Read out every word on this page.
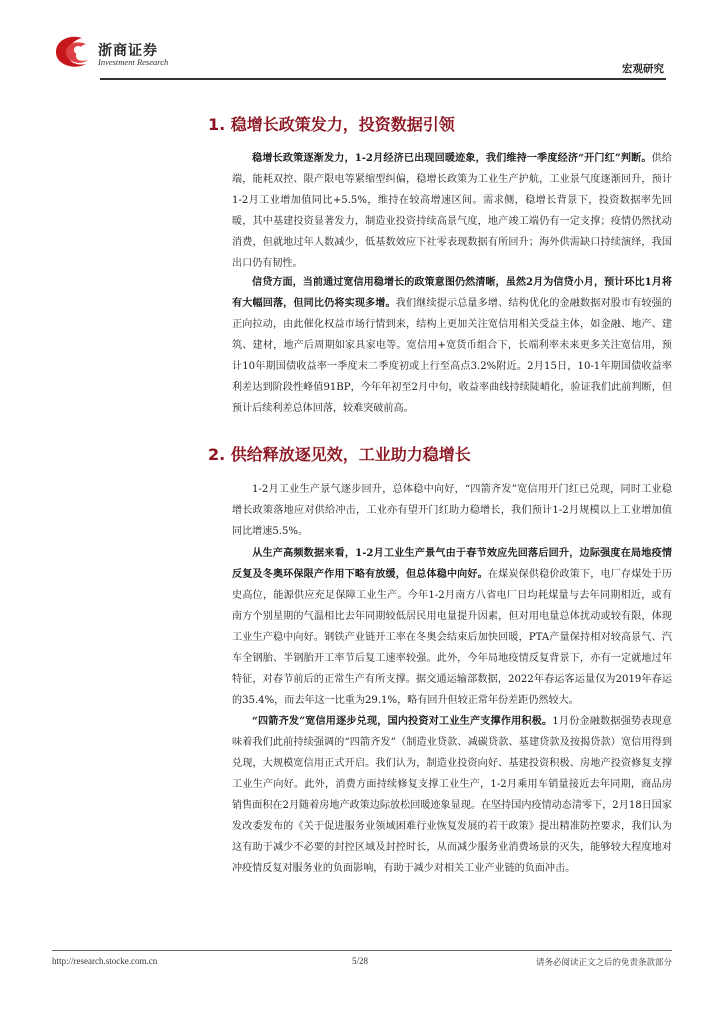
浙商证券
Investment Research
宏观研究
1. 稳增长政策发力，投资数据引领

稳增长政策逐渐发力，1-2月经济已出现回暖迹象，我们维持一季度经济“开门红”判断。供给端，能耗双控、限产限电等紧缩型纠偏，稳增长政策为工业生产护航，工业景气度逐渐回升，预计1-2月工业增加值同比+5.5%，维持在较高增速区间。需求侧，稳增长背景下，投资数据率先回暖，其中基建投资显著发力，制造业投资持续高景气度，地产竣工端仍有一定支撑；疫情仍然扰动消费，但就地过年人数减少，低基数效应下社零表现数据有所回升；海外供需缺口持续演绎，我国出口仍有韧性。

信贷方面，当前通过宽信用稳增长的政策意图仍然清晰，虽然2月为信贷小月，预计环比1月将有大幅回落，但同比仍将实现多增。我们继续提示总量多增、结构优化的金融数据对股市有较强的正向拉动，由此催化权益市场行情到来，结构上更加关注宽信用相关受益主体，如金融、地产、建筑、建材，地产后周期如家具家电等。宽信用+宽货币组合下，长端利率未来更多关注宽信用，预计10年期国债收益率一季度末二季度初或上行至高点3.2%附近。2月15日，10-1年期国债收益率利差达到阶段性峰值91BP，今年年初至2月中旬，收益率曲线持续陡峭化，验证我们此前判断，但预计后续利差总体回落，较难突破前高。

2. 供给释放逐见效，工业助力稳增长

1-2月工业生产景气逐步回升，总体稳中向好，“四箭齐发”宽信用开门红已兑现，同时工业稳增长政策落地应对供给冲击，工业亦有望开门红助力稳增长，我们预计1-2月规模以上工业增加值同比增速5.5%。

从生产高频数据来看，1-2月工业生产景气由于春节效应先回落后回升，边际强度在局地疫情反复及冬奥环保限产作用下略有放缓，但总体稳中向好。在煤炭保供稳价政策下，电厂存煤处于历史高位，能源供应充足保障工业生产。今年1-2月南方八省电厂日均耗煤量与去年同期相近，或有南方个别星期的气温相比去年同期较低居民用电量提升因素，但对用电量总体扰动或较有限，体现工业生产稳中向好。钢铁产业链开工率在冬奥会结束后加快回暖，PTA产量保持相对较高景气、汽车全钢胎、半钢胎开工率节后复工速率较强。此外，今年局地疫情反复背景下，亦有一定就地过年特征，对春节前后的正常生产有所支撑。据交通运输部数据，2022年春运客运量仅为2019年春运的35.4%，而去年这一比重为29.1%，略有回升但较正常年份差距仍然较大。

“四箭齐发”宽信用逐步兑现，国内投资对工业生产支撑作用积极。1月份金融数据强势表现意味着我们此前持续强调的“四箭齐发”（制造业贷款、减碳贷款、基建贷款及按揭贷款）宽信用得到兑现，大规模宽信用正式开启。我们认为，制造业投资向好、基建投资积极、房地产投资修复支撑工业生产向好。此外，消费方面持续修复支撑工业生产，1-2月乘用车销量接近去年同期，商品房销售面积在2月随着房地产政策边际放松回暖迹象显现。在坚持国内疫情动态清零下，2月18日国家发改委发布的《关于促进服务业领域困难行业恢复发展的若干政策》提出精准防控要求，我们认为这有助于减少不必要的封控区域及封控时长，从而减少服务业消费场景的灭失，能够较大程度地对冲疫情反复对服务业的负面影响，有助于减少对相关工业产业链的负面冲击。

http://research.stocke.com.cn	5/28	请务必阅读正文之后的免责条款部分
